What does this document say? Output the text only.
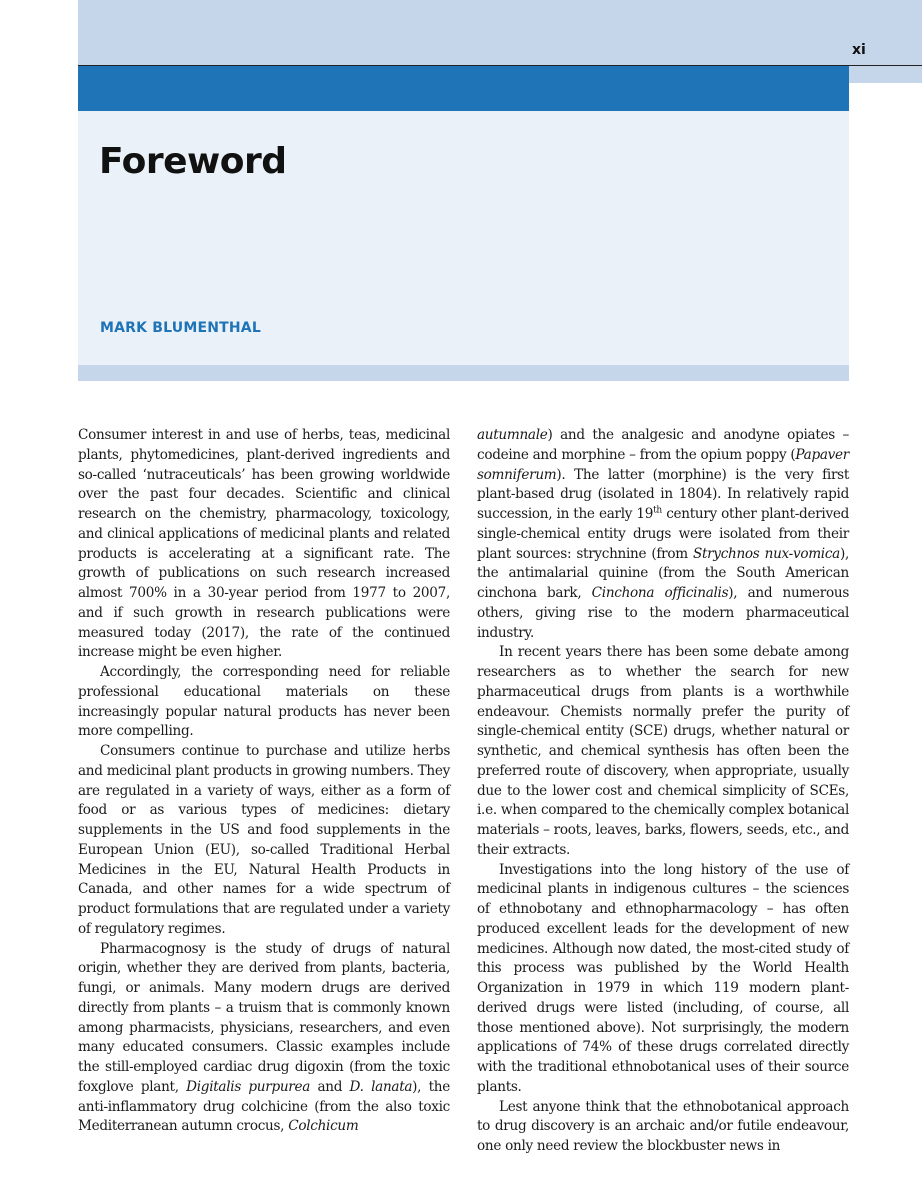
xi
Foreword
MARK BLUMENTHAL

Consumer interest in and use of herbs, teas, medicinal plants, phytomedicines, plant-derived ingredients and so-called ‘nutraceuticals’ has been growing worldwide over the past four decades. Scientific and clinical research on the chemistry, pharmacology, toxicology, and clinical applications of medicinal plants and related products is accelerating at a significant rate. The growth of publications on such research increased almost 700% in a 30-year period from 1977 to 2007, and if such growth in research publications were measured today (2017), the rate of the continued increase might be even higher.

Accordingly, the corresponding need for reliable professional educational materials on these increasingly popular natural products has never been more compelling.

Consumers continue to purchase and utilize herbs and medicinal plant products in growing numbers. They are regulated in a variety of ways, either as a form of food or as various types of medicines: dietary supplements in the US and food supplements in the European Union (EU), so-called Traditional Herbal Medicines in the EU, Natural Health Products in Canada, and other names for a wide spectrum of product formulations that are regulated under a variety of regulatory regimes.

Pharmacognosy is the study of drugs of natural origin, whether they are derived from plants, bacteria, fungi, or animals. Many modern drugs are derived directly from plants – a truism that is commonly known among pharmacists, physicians, researchers, and even many educated consumers. Classic examples include the still-employed cardiac drug digoxin (from the toxic foxglove plant, Digitalis purpurea and D. lanata), the anti-inflammatory drug colchicine (from the also toxic Mediterranean autumn crocus, Colchicum

autumnale) and the analgesic and anodyne opiates – codeine and morphine – from the opium poppy (Papaver somniferum). The latter (morphine) is the very first plant-based drug (isolated in 1804). In relatively rapid succession, in the early 19th century other plant-derived single-chemical entity drugs were isolated from their plant sources: strychnine (from Strychnos nux-vomica), the antimalarial quinine (from the South American cinchona bark, Cinchona officinalis), and numerous others, giving rise to the modern pharmaceutical industry.

In recent years there has been some debate among researchers as to whether the search for new pharmaceutical drugs from plants is a worthwhile endeavour. Chemists normally prefer the purity of single-chemical entity (SCE) drugs, whether natural or synthetic, and chemical synthesis has often been the preferred route of discovery, when appropriate, usually due to the lower cost and chemical simplicity of SCEs, i.e. when compared to the chemically complex botanical materials – roots, leaves, barks, flowers, seeds, etc., and their extracts.

Investigations into the long history of the use of medicinal plants in indigenous cultures – the sciences of ethnobotany and ethnopharmacology – has often produced excellent leads for the development of new medicines. Although now dated, the most-cited study of this process was published by the World Health Organization in 1979 in which 119 modern plant-derived drugs were listed (including, of course, all those mentioned above). Not surprisingly, the modern applications of 74% of these drugs correlated directly with the traditional ethnobotanical uses of their source plants.

Lest anyone think that the ethnobotanical approach to drug discovery is an archaic and/or futile endeavour, one only need review the blockbuster news in
